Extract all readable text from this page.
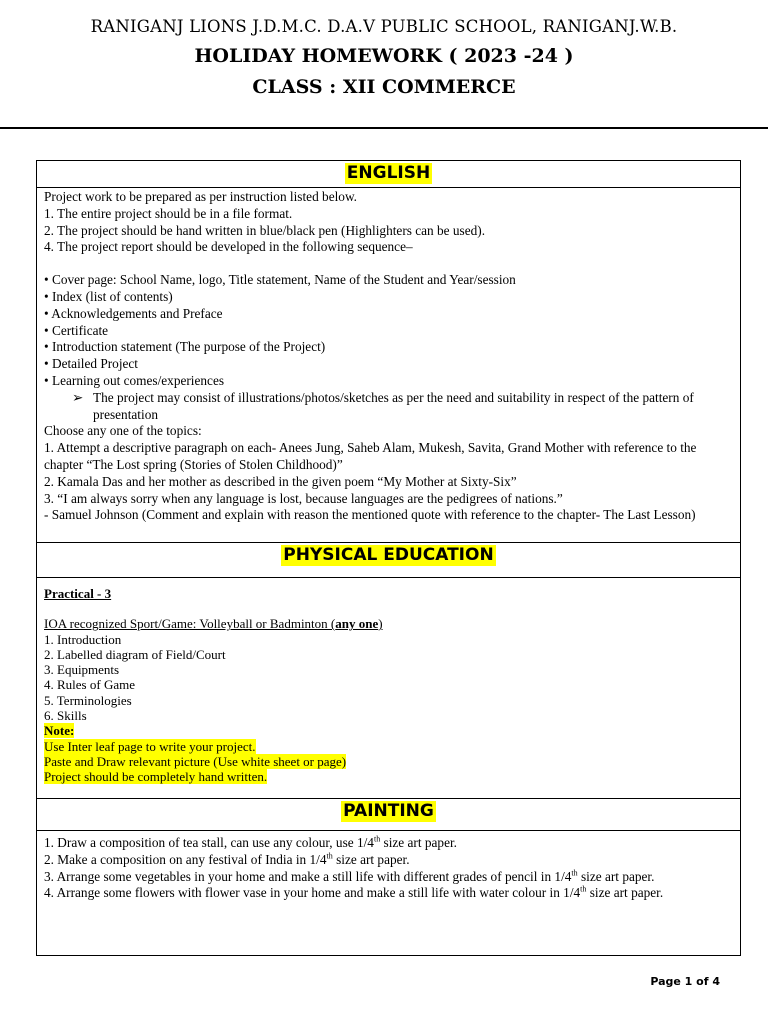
RANIGANJ LIONS J.D.M.C. D.A.V PUBLIC SCHOOL, RANIGANJ.W.B.
HOLIDAY HOMEWORK ( 2023 -24 )
CLASS : XII COMMERCE
ENGLISH

Project work to be prepared as per instruction listed below.

1. The entire project should be in a file format.

2. The project should be hand written in blue/black pen (Highlighters can be used).

4. The project report should be developed in the following sequence–

• Cover page: School Name, logo, Title statement, Name of the Student and Year/session

• Index (list of contents)

• Acknowledgements and Preface

• Certificate

• Introduction statement (The purpose of the Project)

• Detailed Project

• Learning out comes/experiences

➢ The project may consist of illustrations/photos/sketches as per the need and suitability in respect of the pattern of presentation

Choose any one of the topics:

1. Attempt a descriptive paragraph on each- Anees Jung, Saheb Alam, Mukesh, Savita, Grand Mother with reference to the chapter “The Lost spring (Stories of Stolen Childhood)”

2. Kamala Das and her mother as described in the given poem “My Mother at Sixty-Six”

3. “I am always sorry when any language is lost, because languages are the pedigrees of nations.”

- Samuel Johnson (Comment and explain with reason the mentioned quote with reference to the chapter- The Last Lesson)

PHYSICAL EDUCATION

Practical - 3

IOA recognized Sport/Game: Volleyball or Badminton (any one)

1. Introduction

2. Labelled diagram of Field/Court

3. Equipments

4. Rules of Game

5. Terminologies

6. Skills

Note:

Use Inter leaf page to write your project.

Paste and Draw relevant picture (Use white sheet or page)

Project should be completely hand written.

PAINTING

1. Draw a composition of tea stall, can use any colour, use 1/4th size art paper.

2. Make a composition on any festival of India in 1/4th size art paper.

3. Arrange some vegetables in your home and make a still life with different grades of pencil in 1/4th size art paper.

4. Arrange some flowers with flower vase in your home and make a still life with water colour in 1/4th size art paper.

Page 1 of 4
